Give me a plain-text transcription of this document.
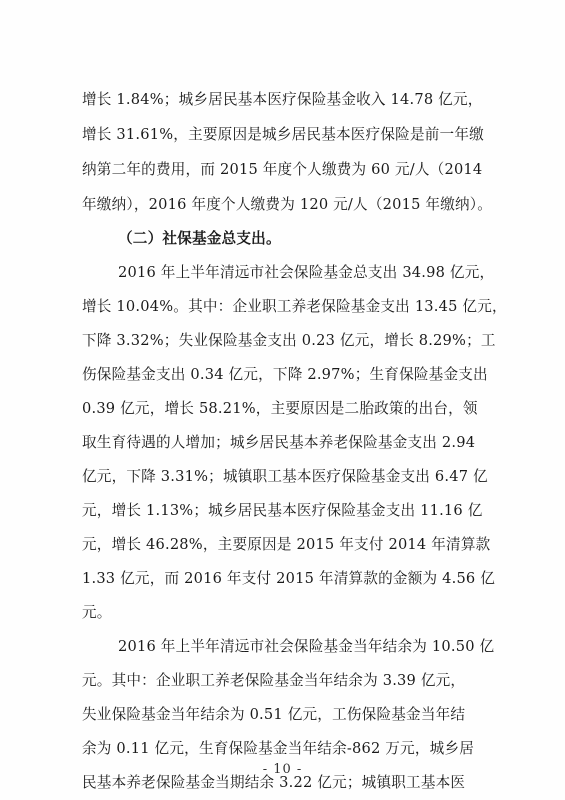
增长 1.84%；城乡居民基本医疗保险基金收入 14.78 亿元，
增长 31.61%，主要原因是城乡居民基本医疗保险是前一年缴
纳第二年的费用，而 2015 年度个人缴费为 60 元/人（2014
年缴纳），2016 年度个人缴费为 120 元/人（2015 年缴纳）。
（二）社保基金总支出。
2016 年上半年清远市社会保险基金总支出 34.98 亿元，
增长 10.04%。其中：企业职工养老保险基金支出 13.45 亿元，
下降 3.32%；失业保险基金支出 0.23 亿元，增长 8.29%；工
伤保险基金支出 0.34 亿元，下降 2.97%；生育保险基金支出
0.39 亿元，增长 58.21%，主要原因是二胎政策的出台，领
取生育待遇的人增加；城乡居民基本养老保险基金支出 2.94
亿元，下降 3.31%；城镇职工基本医疗保险基金支出 6.47 亿
元，增长 1.13%；城乡居民基本医疗保险基金支出 11.16 亿
元，增长 46.28%，主要原因是 2015 年支付 2014 年清算款
1.33 亿元，而 2016 年支付 2015 年清算款的金额为 4.56 亿
元。
2016 年上半年清远市社会保险基金当年结余为 10.50 亿
元。其中：企业职工养老保险基金当年结余为 3.39 亿元，
失业保险基金当年结余为 0.51 亿元，工伤保险基金当年结
余为 0.11 亿元，生育保险基金当年结余-862 万元，城乡居
民基本养老保险基金当期结余 3.22 亿元；城镇职工基本医
- 10 -
